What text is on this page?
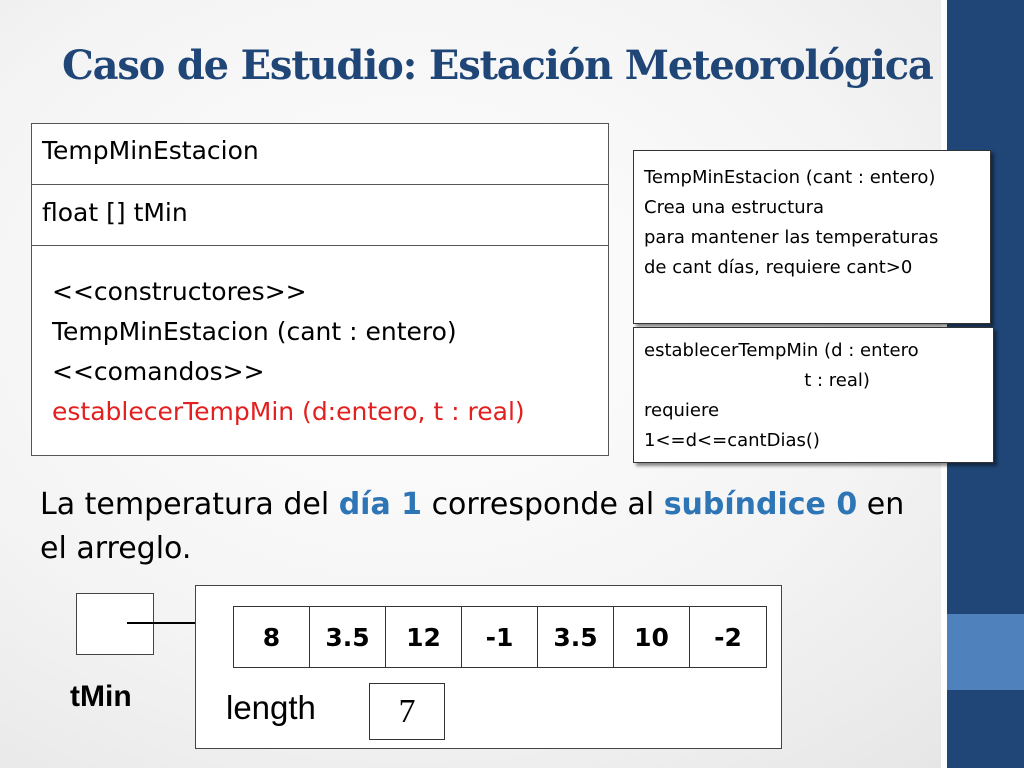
Caso de Estudio: Estación Meteorológica
TempMinEstacion
float [] tMin
<<constructores>>
TempMinEstacion (cant : entero)
<<comandos>>
establecerTempMin (d:entero, t : real)
TempMinEstacion (cant : entero)
Crea una estructura
para mantener las temperaturas
de cant días, requiere cant>0
establecerTempMin (d : entero
t : real)
requiere
1<=d<=cantDias()
La temperatura del día 1 corresponde al subíndice 0 en el arreglo.
tMin
8	3.5	12	-1	3.5	10	-2
length	7
